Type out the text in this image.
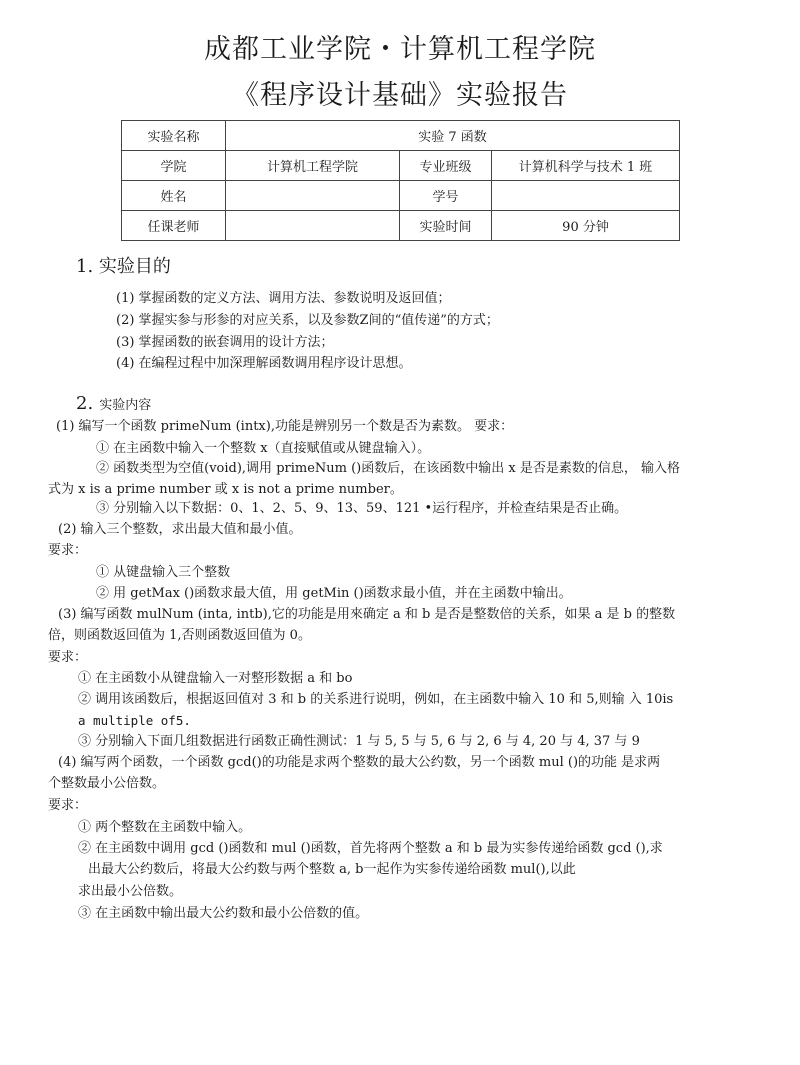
成都工业学院・计算机工程学院
《程序设计基础》实验报告
实验名称	实验 7 函数		
学院	计算机工程学院	专业班级	计算机科学与技术 1 班
姓名		学号	
任课老师		实验时间	90 分钟
1. 实验目的
(1) 掌握函数的定义方法、调用方法、参数说明及返回值；
(2) 掌握实参与形参的对应关系，以及参数Ζ间的“值传递”的方式；
(3) 掌握函数的嵌套调用的设计方法；
(4) 在编程过程中加深理解函数调用程序设计思想。
2. 实验内容
(1) 编写一个函数 primeNum (intx),功能是辨别另一个数是否为素数。 要求：
① 在主函数中输入一个整数 x（直接赋值或从键盘输入）。
② 函数类型为空值(void),调用 primeNum ()函数后，在该函数中输出 x 是否是素数的信息， 输入格
式为 x is a prime number 或 x is not a prime number。
③ 分别输入以下数据：0、1、2、5、9、13、59、121 •运行程序，并检查结果是否止确。
(2) 输入三个整数，求出最大值和最小值。
要求：
① 从键盘输入三个整数
② 用 getMax ()函数求最大值，用 getMin ()函数求最小值，并在主函数中输出。
(3) 编写函数 mulNum (inta, intb),它的功能是用來确定 a 和 b 是否是整数倍的关系，如果 a 是 b 的整数
倍，则函数返回值为 1,否则函数返回值为 0。
要求：
① 在主函数小从键盘输入一对整形数据 a 和 bo
② 调用该函数后，根据返回值对 3 和 b 的关系进行说明，例如，在主函数中输入 10 和 5,则输 入 10is
a multiple of5.
③ 分别输入下面几组数据进行函数正确性测试：1 与 5, 5 与 5, 6 与 2, 6 与 4, 20 与 4, 37 与 9
(4) 编写两个函数，一个函数 gcd()的功能是求两个整数的最大公约数，另一个函数 mul ()的功能 是求两
个整数最小公倍数。
要求：
① 两个整数在主函数中输入。
② 在主函数中调用 gcd ()函数和 mul ()函数，首先将两个整数 a 和 b 最为实参传递给函数 gcd (),求
出最大公约数后，将最大公约数与两个整数 a, b一起作为实参传递给函数 mul(),以此
求出最小公倍数。
③ 在主函数中输出最大公约数和最小公倍数的值。
